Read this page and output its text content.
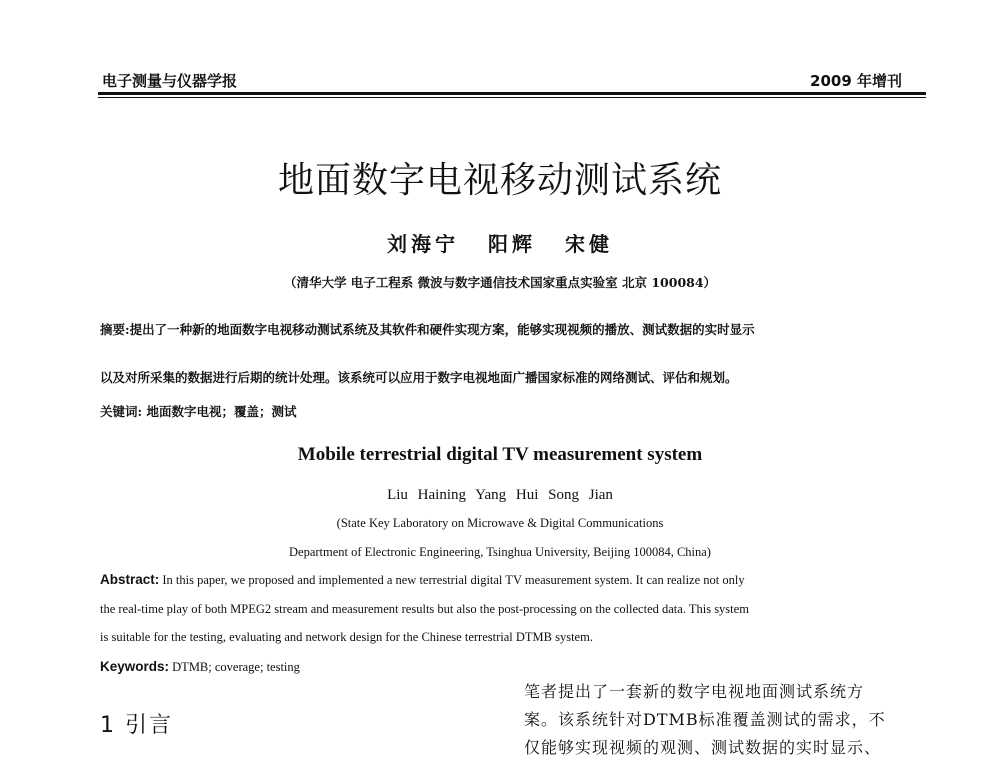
电子测量与仪器学报	2009 年增刊
地面数字电视移动测试系统
刘海宁 阳辉 宋健
（清华大学 电子工程系 微波与数字通信技术国家重点实验室 北京 100084）
摘要:提出了一种新的地面数字电视移动测试系统及其软件和硬件实现方案，能够实现视频的播放、测试数据的实时显示
以及对所采集的数据进行后期的统计处理。该系统可以应用于数字电视地面广播国家标准的网络测试、评估和规划。
关键词: 地面数字电视；覆盖；测试
Mobile terrestrial digital TV measurement system
Liu Haining Yang Hui Song Jian
(State Key Laboratory on Microwave & Digital Communications
Department of Electronic Engineering, Tsinghua University, Beijing 100084, China)
Abstract: In this paper, we proposed and implemented a new terrestrial digital TV measurement system. It can realize not only
the real-time play of both MPEG2 stream and measurement results but also the post-processing on the collected data. This system
is suitable for the testing, evaluating and network design for the Chinese terrestrial DTMB system.
Keywords: DTMB; coverage; testing
1 引言
笔者提出了一套新的数字电视地面测试系统方
案。该系统针对DTMB标准覆盖测试的需求，不
仅能够实现视频的观测、测试数据的实时显示、
